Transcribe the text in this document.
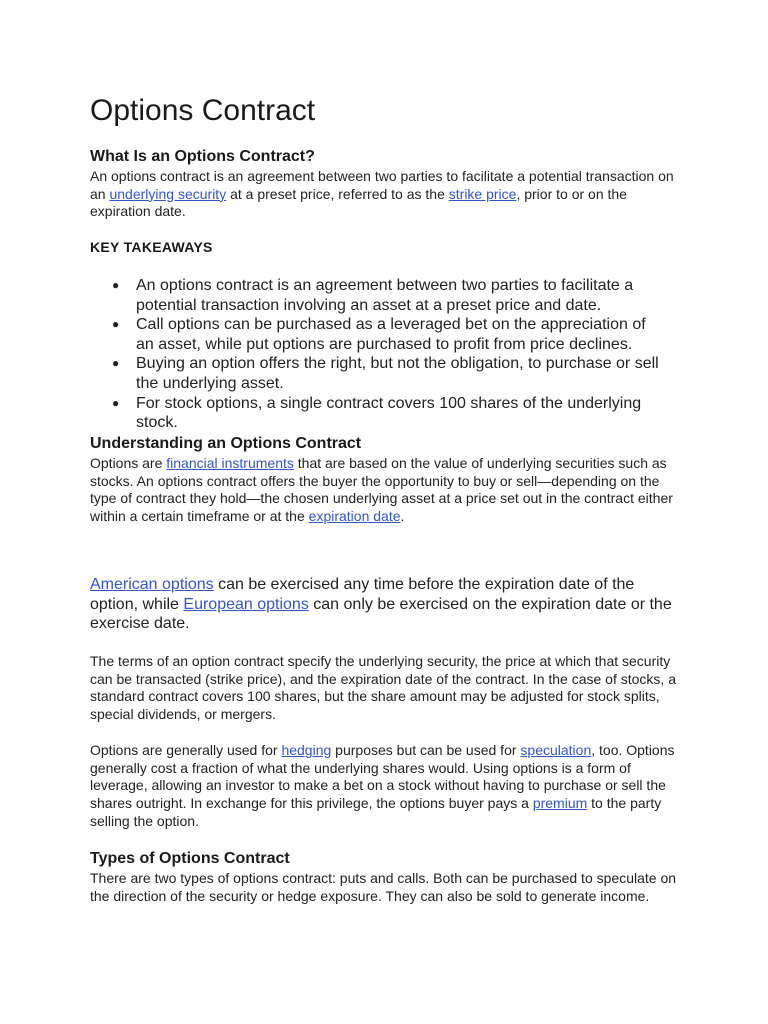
Options Contract
What Is an Options Contract?

An options contract is an agreement between two parties to facilitate a potential transaction on an underlying security at a preset price, referred to as the strike price, prior to or on the expiration date.

KEY TAKEAWAYS
● An options contract is an agreement between two parties to facilitate a potential transaction involving an asset at a preset price and date.
● Call options can be purchased as a leveraged bet on the appreciation of an asset, while put options are purchased to profit from price declines.
● Buying an option offers the right, but not the obligation, to purchase or sell the underlying asset.
● For stock options, a single contract covers 100 shares of the underlying stock.
Understanding an Options Contract

Options are financial instruments that are based on the value of underlying securities such as stocks. An options contract offers the buyer the opportunity to buy or sell—depending on the type of contract they hold—the chosen underlying asset at a price set out in the contract either within a certain timeframe or at the expiration date.

American options can be exercised any time before the expiration date of the option, while European options can only be exercised on the expiration date or the exercise date.

The terms of an option contract specify the underlying security, the price at which that security can be transacted (strike price), and the expiration date of the contract. In the case of stocks, a standard contract covers 100 shares, but the share amount may be adjusted for stock splits, special dividends, or mergers.

Options are generally used for hedging purposes but can be used for speculation, too. Options generally cost a fraction of what the underlying shares would. Using options is a form of leverage, allowing an investor to make a bet on a stock without having to purchase or sell the shares outright. In exchange for this privilege, the options buyer pays a premium to the party selling the option.

Types of Options Contract

There are two types of options contract: puts and calls. Both can be purchased to speculate on the direction of the security or hedge exposure. They can also be sold to generate income.
